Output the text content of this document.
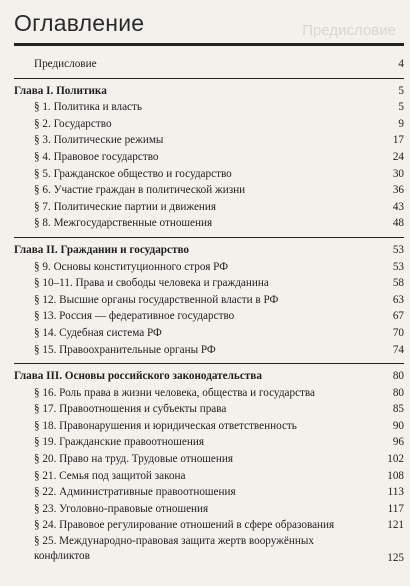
Предисловие
Оглавление
Предисловие	4
Глава I. Политика	5
§ 1. Политика и власть	5
§ 2. Государство	9
§ 3. Политические режимы	17
§ 4. Правовое государство	24
§ 5. Гражданское общество и государство	30
§ 6. Участие граждан в политической жизни	36
§ 7. Политические партии и движения	43
§ 8. Межгосударственные отношения	48
Глава II. Гражданин и государство	53
§ 9. Основы конституционного строя РФ	53
§ 10–11. Права и свободы человека и гражданина	58
§ 12. Высшие органы государственной власти в РФ	63
§ 13. Россия — федеративное государство	67
§ 14. Судебная система РФ	70
§ 15. Правоохранительные органы РФ	74
Глава III. Основы российского законодательства	80
§ 16. Роль права в жизни человека, общества и государства	80
§ 17. Правоотношения и субъекты права	85
§ 18. Правонарушения и юридическая ответственность	90
§ 19. Гражданские правоотношения	96
§ 20. Право на труд. Трудовые отношения	102
§ 21. Семья под защитой закона	108
§ 22. Административные правоотношения	113
§ 23. Уголовно-правовые отношения	117
§ 24. Правовое регулирование отношений в сфере образования	121
§ 25. Международно-правовая защита жертв вооружённых конфликтов	125
